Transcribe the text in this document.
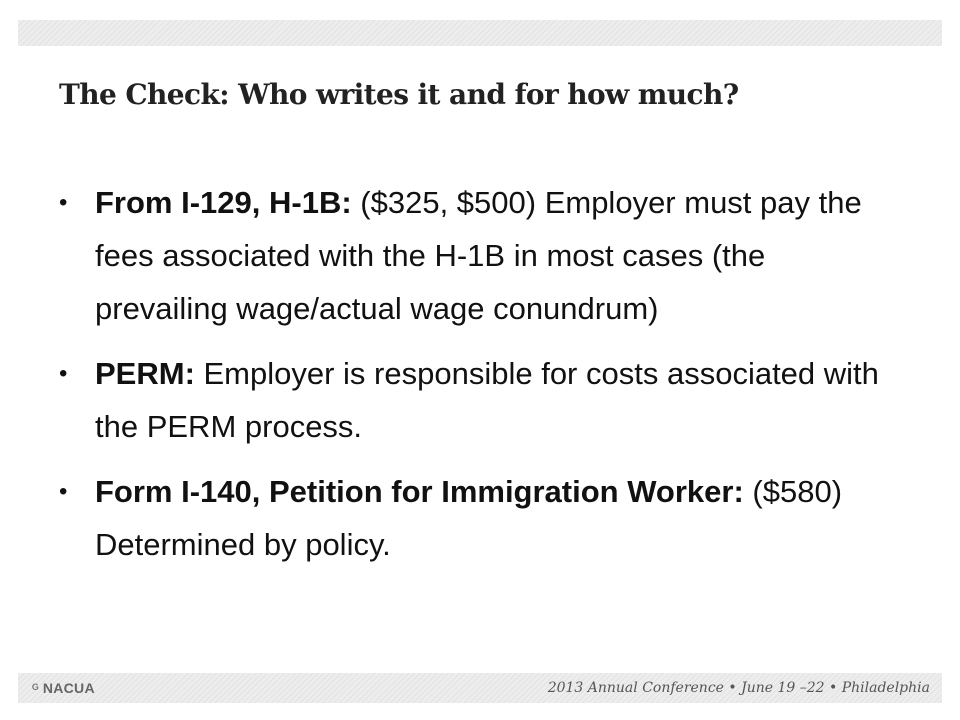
The Check: Who writes it and for how much?
• From I-129, H-1B: ($325, $500) Employer must pay the fees associated with the H-1B in most cases (the prevailing wage/actual wage conundrum)
• PERM: Employer is responsible for costs associated with the PERM process.
• Form I-140, Petition for Immigration Worker: ($580) Determined by policy.
ᴳ NACUA	2013 Annual Conference • June 19 –22 • Philadelphia
